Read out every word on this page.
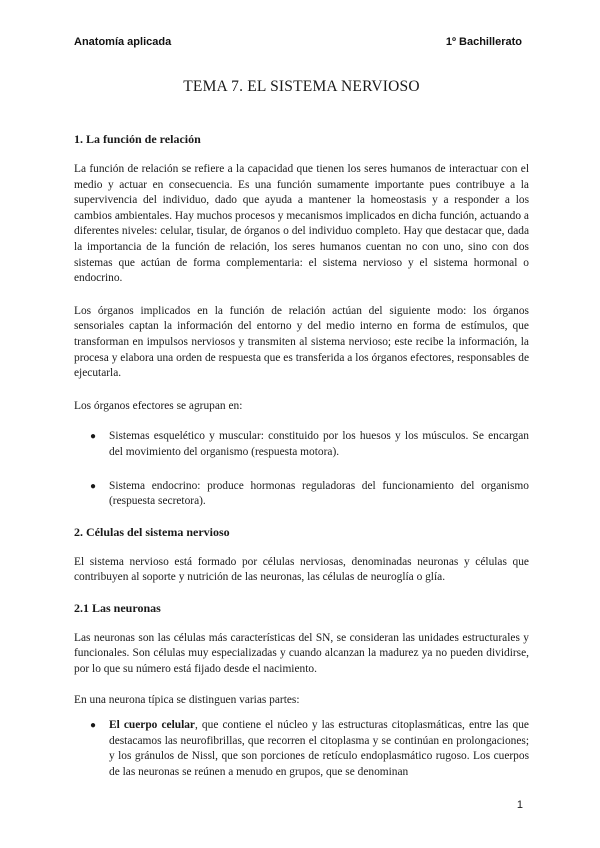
Anatomía aplicada	1º Bachillerato
TEMA 7. EL SISTEMA NERVIOSO
1. La función de relación

La función de relación se refiere a la capacidad que tienen los seres humanos de interactuar con el medio y actuar en consecuencia. Es una función sumamente importante pues contribuye a la supervivencia del individuo, dado que ayuda a mantener la homeostasis y a responder a los cambios ambientales. Hay muchos procesos y mecanismos implicados en dicha función, actuando a diferentes niveles: celular, tisular, de órganos o del individuo completo. Hay que destacar que, dada la importancia de la función de relación, los seres humanos cuentan no con uno, sino con dos sistemas que actúan de forma complementaria: el sistema nervioso y el sistema hormonal o endocrino.

Los órganos implicados en la función de relación actúan del siguiente modo: los órganos sensoriales captan la información del entorno y del medio interno en forma de estímulos, que transforman en impulsos nerviosos y transmiten al sistema nervioso; este recibe la información, la procesa y elabora una orden de respuesta que es transferida a los órganos efectores, responsables de ejecutarla.

Los órganos efectores se agrupan en:

● Sistemas esquelético y muscular: constituido por los huesos y los músculos. Se encargan del movimiento del organismo (respuesta motora).
● Sistema endocrino: produce hormonas reguladoras del funcionamiento del organismo (respuesta secretora).
2. Células del sistema nervioso

El sistema nervioso está formado por células nerviosas, denominadas neuronas y células que contribuyen al soporte y nutrición de las neuronas, las células de neuroglía o glía.

2.1 Las neuronas

Las neuronas son las células más características del SN, se consideran las unidades estructurales y funcionales. Son células muy especializadas y cuando alcanzan la madurez ya no pueden dividirse, por lo que su número está fijado desde el nacimiento.

En una neurona típica se distinguen varias partes:

● El cuerpo celular, que contiene el núcleo y las estructuras citoplasmáticas, entre las que destacamos las neurofibrillas, que recorren el citoplasma y se continúan en prolongaciones; y los gránulos de Nissl, que son porciones de retículo endoplasmático rugoso. Los cuerpos de las neuronas se reúnen a menudo en grupos, que se denominan
1
